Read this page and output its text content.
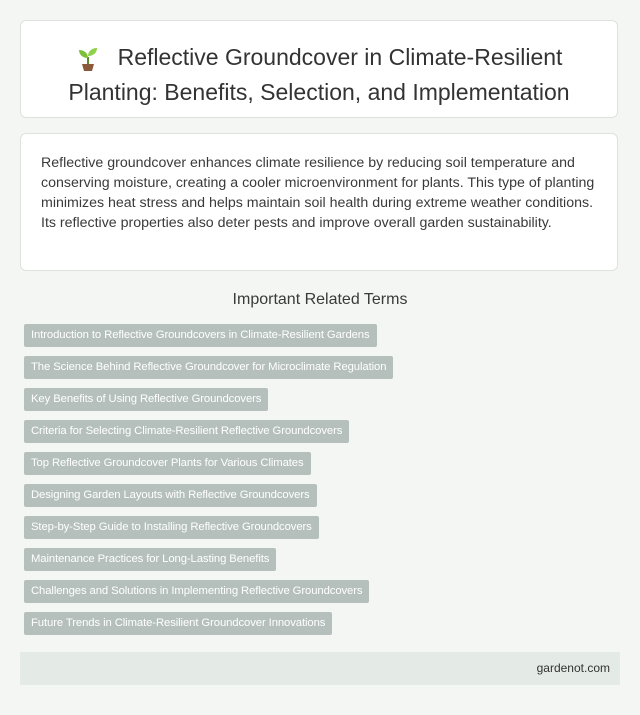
Reflective Groundcover in Climate-Resilient Planting: Benefits, Selection, and Implementation

Reflective groundcover enhances climate resilience by reducing soil temperature and conserving moisture, creating a cooler microenvironment for plants. This type of planting minimizes heat stress and helps maintain soil health during extreme weather conditions. Its reflective properties also deter pests and improve overall garden sustainability.

Important Related Terms
Introduction to Reflective Groundcovers in Climate-Resilient Gardens
The Science Behind Reflective Groundcover for Microclimate Regulation
Key Benefits of Using Reflective Groundcovers
Criteria for Selecting Climate-Resilient Reflective Groundcovers
Top Reflective Groundcover Plants for Various Climates
Designing Garden Layouts with Reflective Groundcovers
Step-by-Step Guide to Installing Reflective Groundcovers
Maintenance Practices for Long-Lasting Benefits
Challenges and Solutions in Implementing Reflective Groundcovers
Future Trends in Climate-Resilient Groundcover Innovations
gardenot.com
